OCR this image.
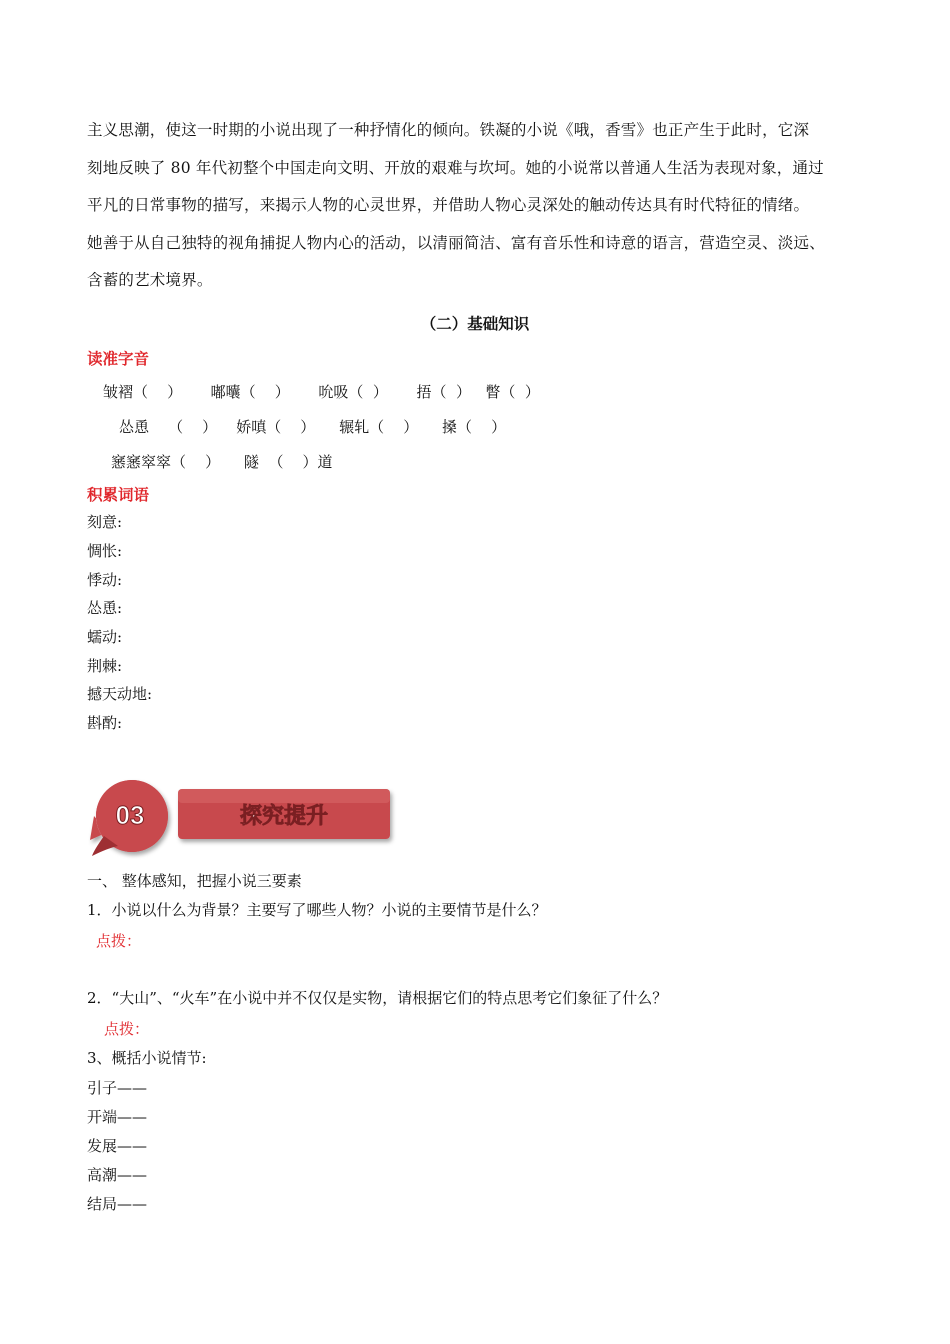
主义思潮，使这一时期的小说出现了一种抒情化的倾向。铁凝的小说《哦，香雪》也正产生于此时，它深
刻地反映了 80 年代初整个中国走向文明、开放的艰难与坎坷。她的小说常以普通人生活为表现对象，通过
平凡的日常事物的描写，来揭示人物的心灵世界，并借助人物心灵深处的触动传达具有时代特征的情绪。
她善于从自己独特的视角捕捉人物内心的活动，以清丽简洁、富有音乐性和诗意的语言，营造空灵、淡远、
含蓄的艺术境界。
（二）基础知识
读准字音
皱褶（    ）      嘟囔（    ）      吮吸（  ）      捂（  ）   瞥（  ）
怂恿    （    ）    娇嗔（    ）     辗轧（    ）     搡（    ）
窸窸窣窣（    ）     隧  （    ）道
积累词语
刻意:
惆怅:
悸动:
怂恿:
蠕动:
荆棘:
撼天动地:
斟酌:
03	探究提升
一、 整体感知，把握小说三要素
1．小说以什么为背景？主要写了哪些人物？小说的主要情节是什么？
点拨：
2．“大山”、“火车”在小说中并不仅仅是实物，请根据它们的特点思考它们象征了什么？
点拨：
3、概括小说情节:
引子——
开端——
发展——
高潮——
结局——
